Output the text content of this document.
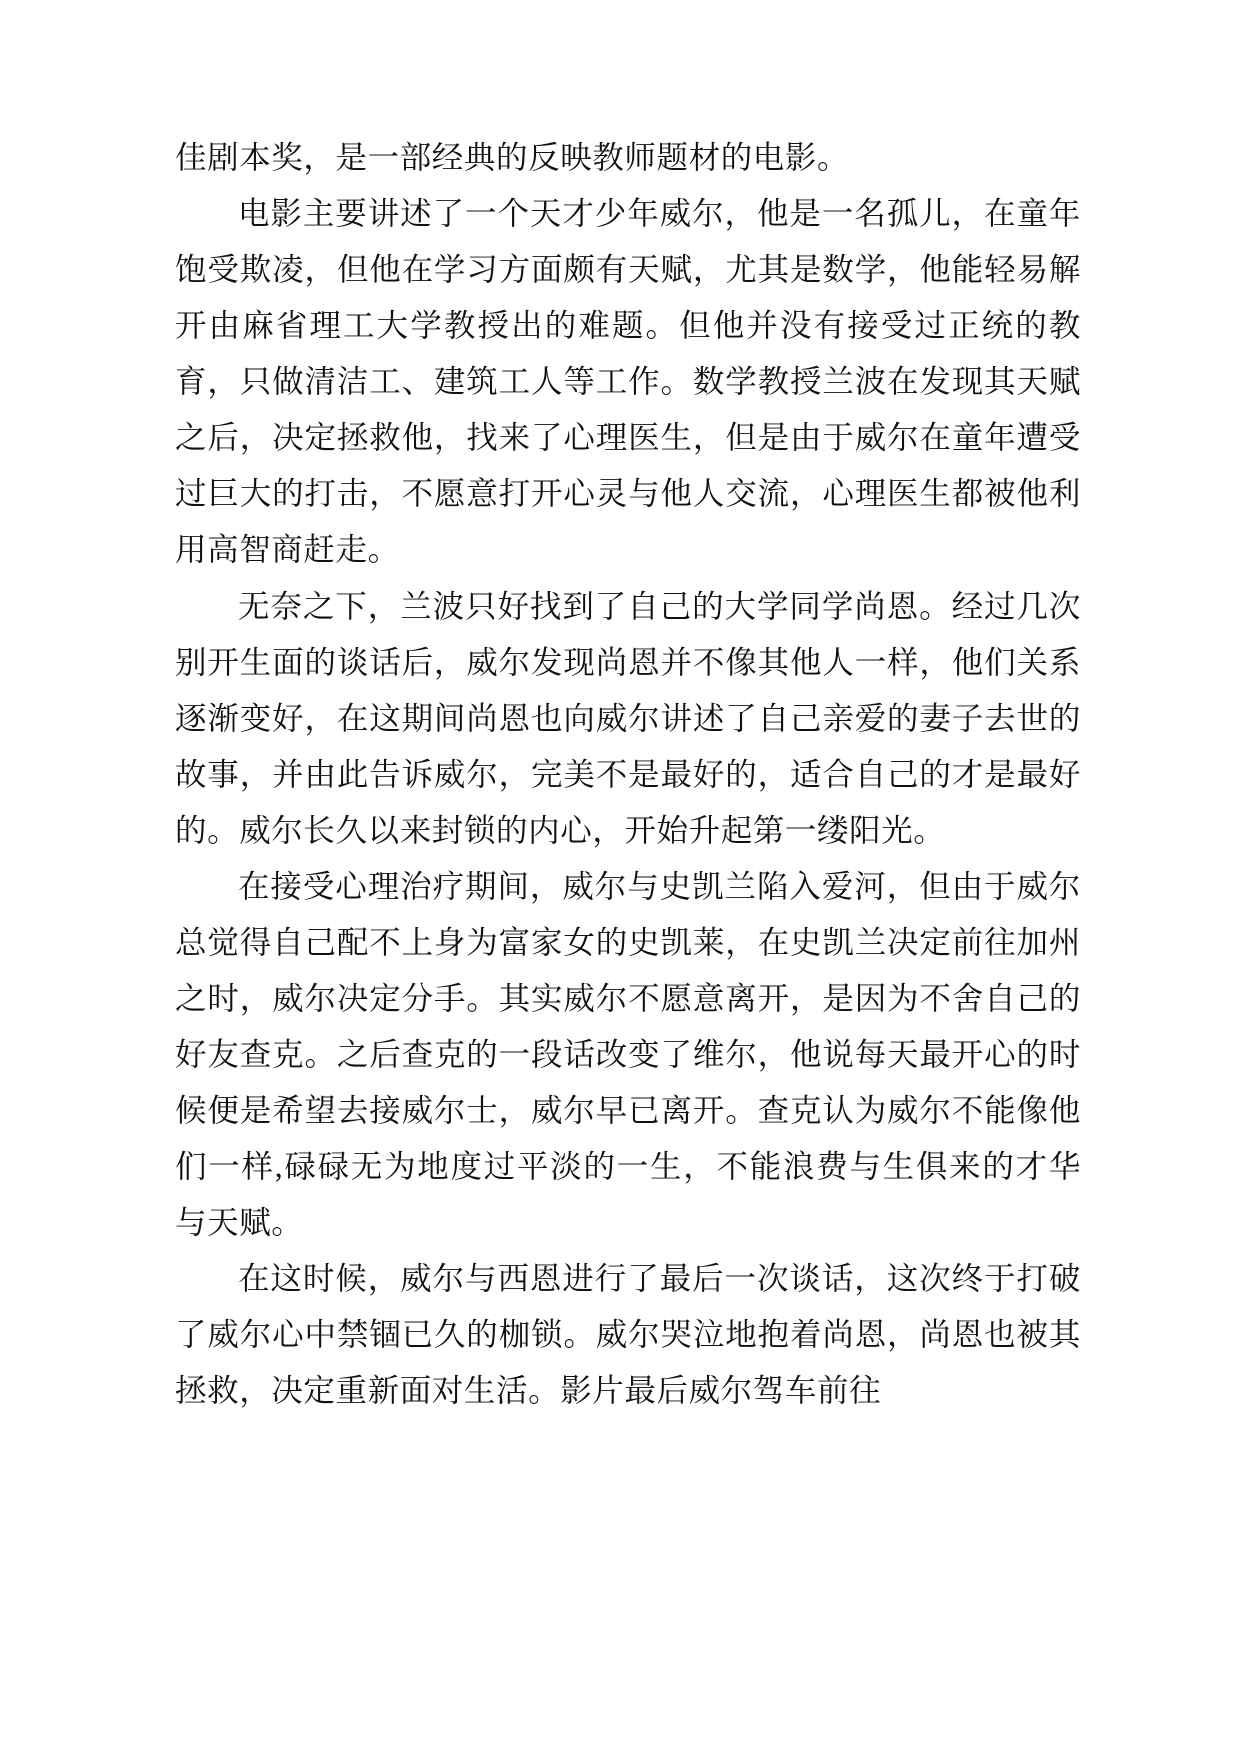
佳剧本奖，是一部经典的反映教师题材的电影。

电影主要讲述了一个天才少年威尔，他是一名孤儿，在童年饱受欺凌，但他在学习方面颇有天赋，尤其是数学，他能轻易解开由麻省理工大学教授出的难题。但他并没有接受过正统的教育，只做清洁工、建筑工人等工作。数学教授兰波在发现其天赋之后，决定拯救他，找来了心理医生，但是由于威尔在童年遭受过巨大的打击，不愿意打开心灵与他人交流，心理医生都被他利用高智商赶走。

无奈之下，兰波只好找到了自己的大学同学尚恩。经过几次别开生面的谈话后，威尔发现尚恩并不像其他人一样，他们关系逐渐变好，在这期间尚恩也向威尔讲述了自己亲爱的妻子去世的故事，并由此告诉威尔，完美不是最好的，适合自己的才是最好的。威尔长久以来封锁的内心，开始升起第一缕阳光。

在接受心理治疗期间，威尔与史凯兰陷入爱河，但由于威尔总觉得自己配不上身为富家女的史凯莱，在史凯兰决定前往加州之时，威尔决定分手。其实威尔不愿意离开，是因为不舍自己的好友查克。之后查克的一段话改变了维尔，他说每天最开心的时候便是希望去接威尔士，威尔早已离开。查克认为威尔不能像他们一样,碌碌无为地度过平淡的一生，不能浪费与生俱来的才华与天赋。

在这时候，威尔与西恩进行了最后一次谈话，这次终于打破了威尔心中禁锢已久的枷锁。威尔哭泣地抱着尚恩，尚恩也被其拯救，决定重新面对生活。影片最后威尔驾车前往
